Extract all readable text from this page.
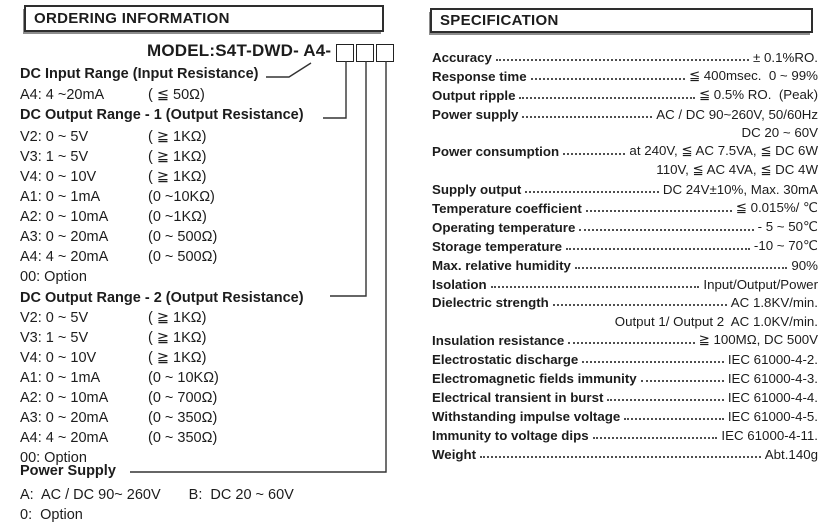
ORDERING INFORMATION
MODEL:S4T-DWD- A4-
DC Input Range (Input Resistance)
A4: 4 ~20mA	( ≦ 50Ω)
DC Output Range - 1 (Output Resistance)
V2: 0 ~ 5V	( ≧ 1KΩ)
V3: 1 ~ 5V	( ≧ 1KΩ)
V4: 0 ~ 10V	( ≧ 1KΩ)
A1: 0 ~ 1mA	(0 ~10KΩ)
A2: 0 ~ 10mA	(0 ~1KΩ)
A3: 0 ~ 20mA	(0 ~ 500Ω)
A4: 4 ~ 20mA	(0 ~ 500Ω)
00: Option
DC Output Range - 2 (Output Resistance)
V2: 0 ~ 5V	( ≧ 1KΩ)
V3: 1 ~ 5V	( ≧ 1KΩ)
V4: 0 ~ 10V	( ≧ 1KΩ)
A1: 0 ~ 1mA	(0 ~ 10KΩ)
A2: 0 ~ 10mA	(0 ~ 700Ω)
A3: 0 ~ 20mA	(0 ~ 350Ω)
A4: 4 ~ 20mA	(0 ~ 350Ω)
00: Option
Power Supply
A:  AC / DC 90~ 260V B:  DC 20 ~ 60V
0:  Option
SPECIFICATION
Accuracy	± 0.1%RO.
Response time	≦ 400msec.  0 ~ 99%
Output ripple	≦ 0.5% RO.  (Peak)
Power supply	AC / DC 90~260V, 50/60Hz
DC 20 ~ 60V
Power consumption	at 240V, ≦ AC 7.5VA, ≦ DC 6W
110V, ≦ AC 4VA, ≦ DC 4W
Supply output	DC 24V±10%, Max. 30mA
Temperature coefficient	≦ 0.015%/ ℃
Operating temperature	- 5 ~ 50℃
Storage temperature	-10 ~ 70℃
Max. relative humidity	90%
Isolation	Input/Output/Power
Dielectric strength	AC 1.8KV/min.
Output 1/ Output 2  AC 1.0KV/min.
Insulation resistance	≧ 100MΩ, DC 500V
Electrostatic discharge	IEC 61000-4-2.
Electromagnetic fields immunity	IEC 61000-4-3.
Electrical transient in burst	IEC 61000-4-4.
Withstanding impulse voltage	IEC 61000-4-5.
Immunity to voltage dips	IEC 61000-4-11.
Weight	Abt.140g
